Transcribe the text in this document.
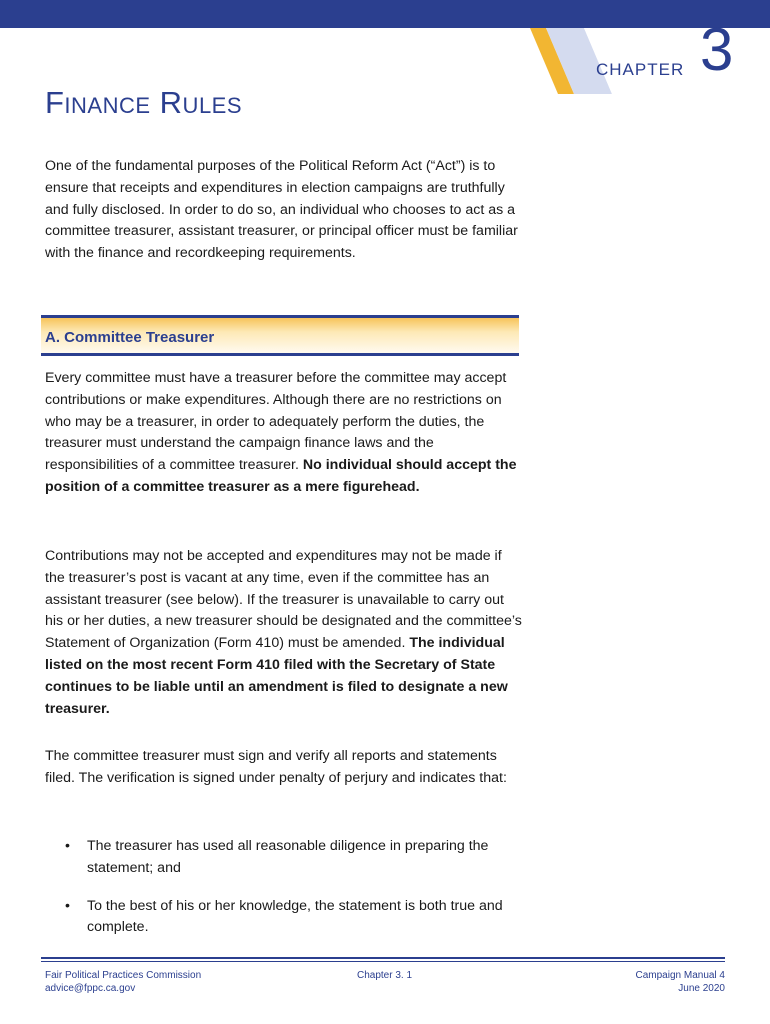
CHAPTER 3
Finance Rules

One of the fundamental purposes of the Political Reform Act (“Act”) is to ensure that receipts and expenditures in election campaigns are truthfully and fully disclosed. In order to do so, an individual who chooses to act as a committee treasurer, assistant treasurer, or principal officer must be familiar with the finance and recordkeeping requirements.

A. Committee Treasurer

Every committee must have a treasurer before the committee may accept contributions or make expenditures. Although there are no restrictions on who may be a treasurer, in order to adequately perform the duties, the treasurer must understand the campaign finance laws and the responsibilities of a committee treasurer. No individual should accept the position of a committee treasurer as a mere figurehead.

Contributions may not be accepted and expenditures may not be made if the treasurer’s post is vacant at any time, even if the committee has an assistant treasurer (see below). If the treasurer is unavailable to carry out his or her duties, a new treasurer should be designated and the committee’s Statement of Organization (Form 410) must be amended. The individual listed on the most recent Form 410 filed with the Secretary of State continues to be liable until an amendment is filed to designate a new treasurer.

The committee treasurer must sign and verify all reports and statements filed. The verification is signed under penalty of perjury and indicates that:

• The treasurer has used all reasonable diligence in preparing the statement; and
• To the best of his or her knowledge, the statement is both true and complete.
Fair Political Practices Commission
advice@fppc.ca.gov
Chapter 3. 1	Campaign Manual 4
June 2020
